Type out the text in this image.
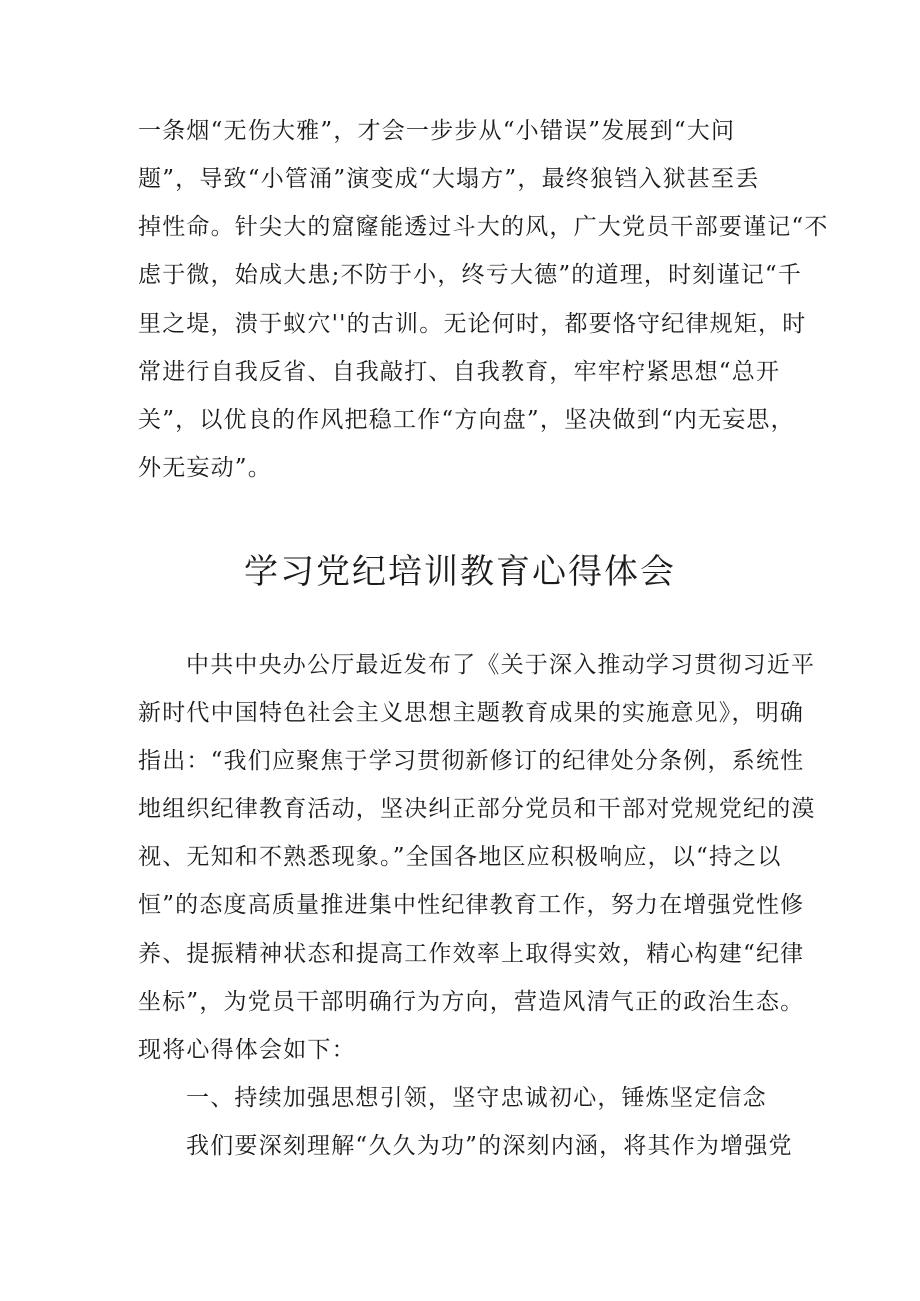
一条烟“无伤大雅”，才会一步步从“小错误”发展到“大问
题”，导致“小管涌”演变成“大塌方”，最终狼铛入狱甚至丢
掉性命。针尖大的窟窿能透过斗大的风，广大党员干部要谨记“不
虑于微，始成大患;不防于小，终亏大德”的道理，时刻谨记“千
里之堤，溃于蚁穴''的古训。无论何时，都要恪守纪律规矩，时
常进行自我反省、自我敲打、自我教育，牢牢柠紧思想“总开
关”，以优良的作风把稳工作“方向盘”，坚决做到“内无妄思，
外无妄动”。
学习党纪培训教育心得体会
中共中央办公厅最近发布了《关于深入推动学习贯彻习近平
新时代中国特色社会主义思想主题教育成果的实施意见》，明确
指出：“我们应聚焦于学习贯彻新修订的纪律处分条例，系统性
地组织纪律教育活动，坚决纠正部分党员和干部对党规党纪的漠
视、无知和不熟悉现象。”全国各地区应积极响应，以“持之以
恒”的态度高质量推进集中性纪律教育工作，努力在增强党性修
养、提振精神状态和提高工作效率上取得实效，精心构建“纪律
坐标”，为党员干部明确行为方向，营造风清气正的政治生态。
现将心得体会如下：
一、持续加强思想引领，坚守忠诚初心，锤炼坚定信念
我们要深刻理解“久久为功”的深刻内涵，将其作为增强党
